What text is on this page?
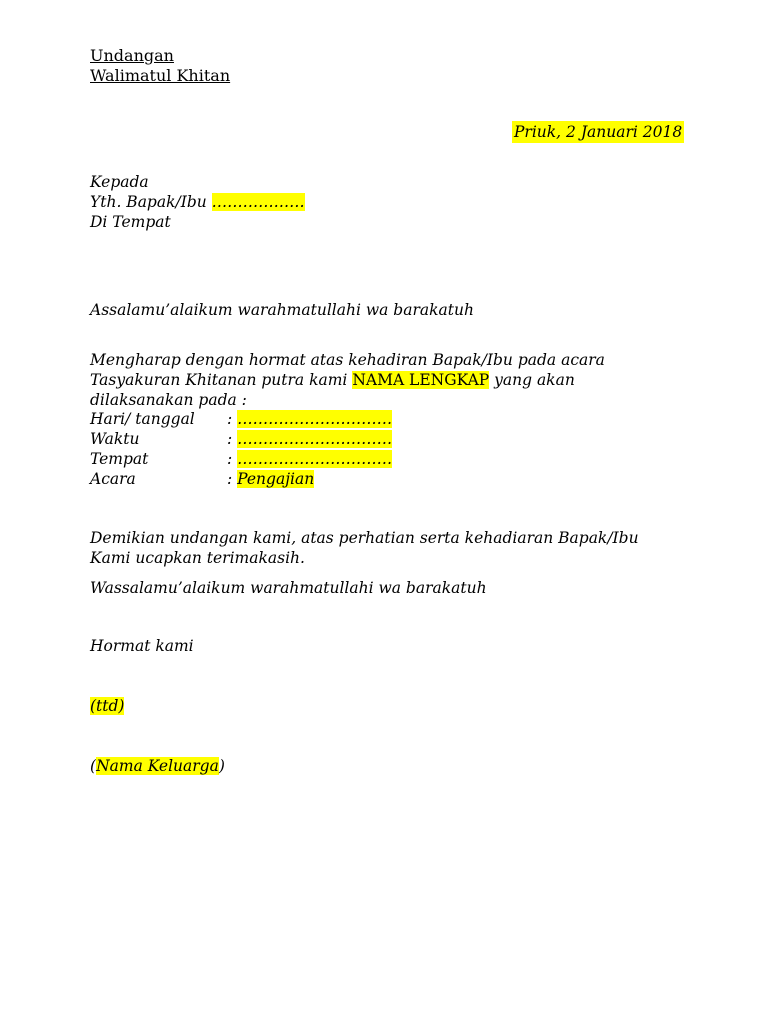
Undangan
Walimatul Khitan
Priuk, 2 Januari 2018
Kepada
Yth. Bapak/Ibu ………………
Di Tempat
Assalamu’alaikum warahmatullahi wa barakatuh
Mengharap dengan hormat atas kehadiran Bapak/Ibu pada acara
Tasyakuran Khitanan putra kami NAMA LENGKAP yang akan
dilaksanakan pada :
Hari/ tanggal : …………………………
Waktu	: …………………………
Tempat	: …………………………
Acara	: Pengajian
Demikian undangan kami, atas perhatian serta kehadiaran Bapak/Ibu
Kami ucapkan terimakasih.
Wassalamu’alaikum warahmatullahi wa barakatuh
Hormat kami
(ttd)
(Nama Keluarga)
